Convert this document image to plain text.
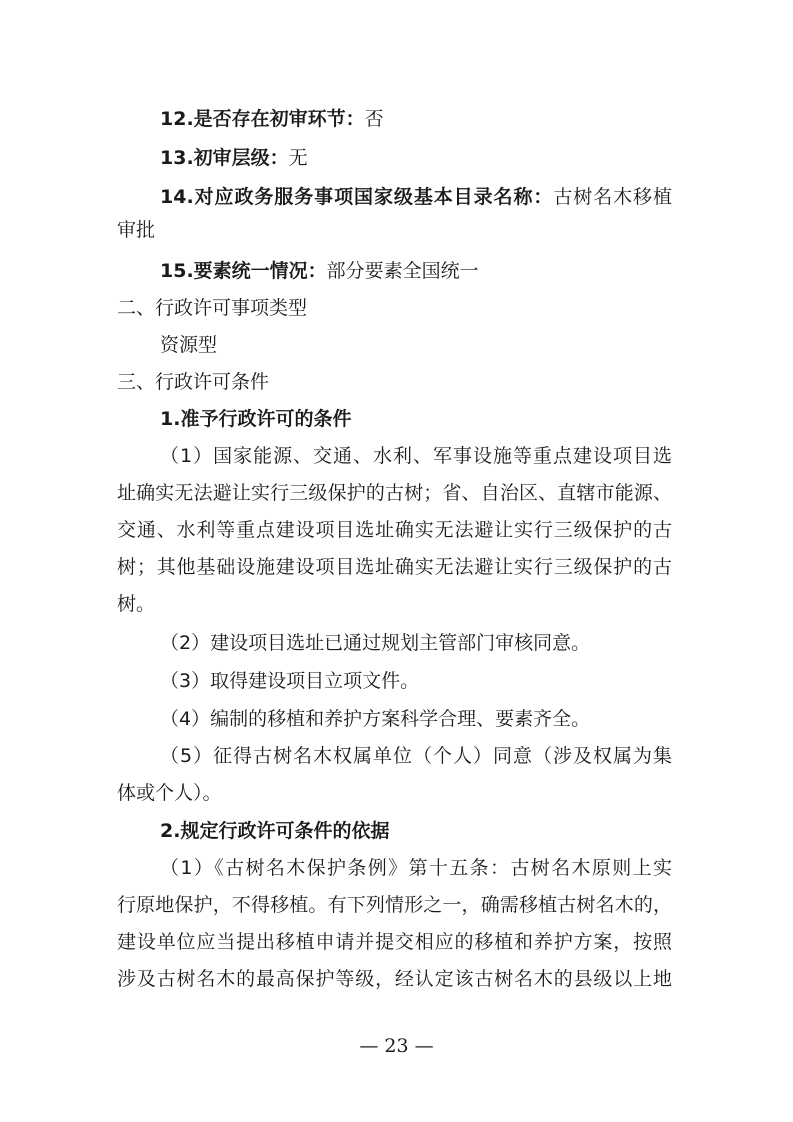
12.是否存在初审环节：否
13.初审层级：无
14.对应政务服务事项国家级基本目录名称：古树名木移植
审批
15.要素统一情况：部分要素全国统一
二、行政许可事项类型
资源型
三、行政许可条件
1.准予行政许可的条件
（1）国家能源、交通、水利、军事设施等重点建设项目选
址确实无法避让实行三级保护的古树；省、自治区、直辖市能源、
交通、水利等重点建设项目选址确实无法避让实行三级保护的古
树；其他基础设施建设项目选址确实无法避让实行三级保护的古
树。
（2）建设项目选址已通过规划主管部门审核同意。
（3）取得建设项目立项文件。
（4）编制的移植和养护方案科学合理、要素齐全。
（5）征得古树名木权属单位（个人）同意（涉及权属为集
体或个人）。
2.规定行政许可条件的依据
（1）《古树名木保护条例》第十五条：古树名木原则上实
行原地保护，不得移植。有下列情形之一，确需移植古树名木的，
建设单位应当提出移植申请并提交相应的移植和养护方案，按照
涉及古树名木的最高保护等级，经认定该古树名木的县级以上地
— 23 —
